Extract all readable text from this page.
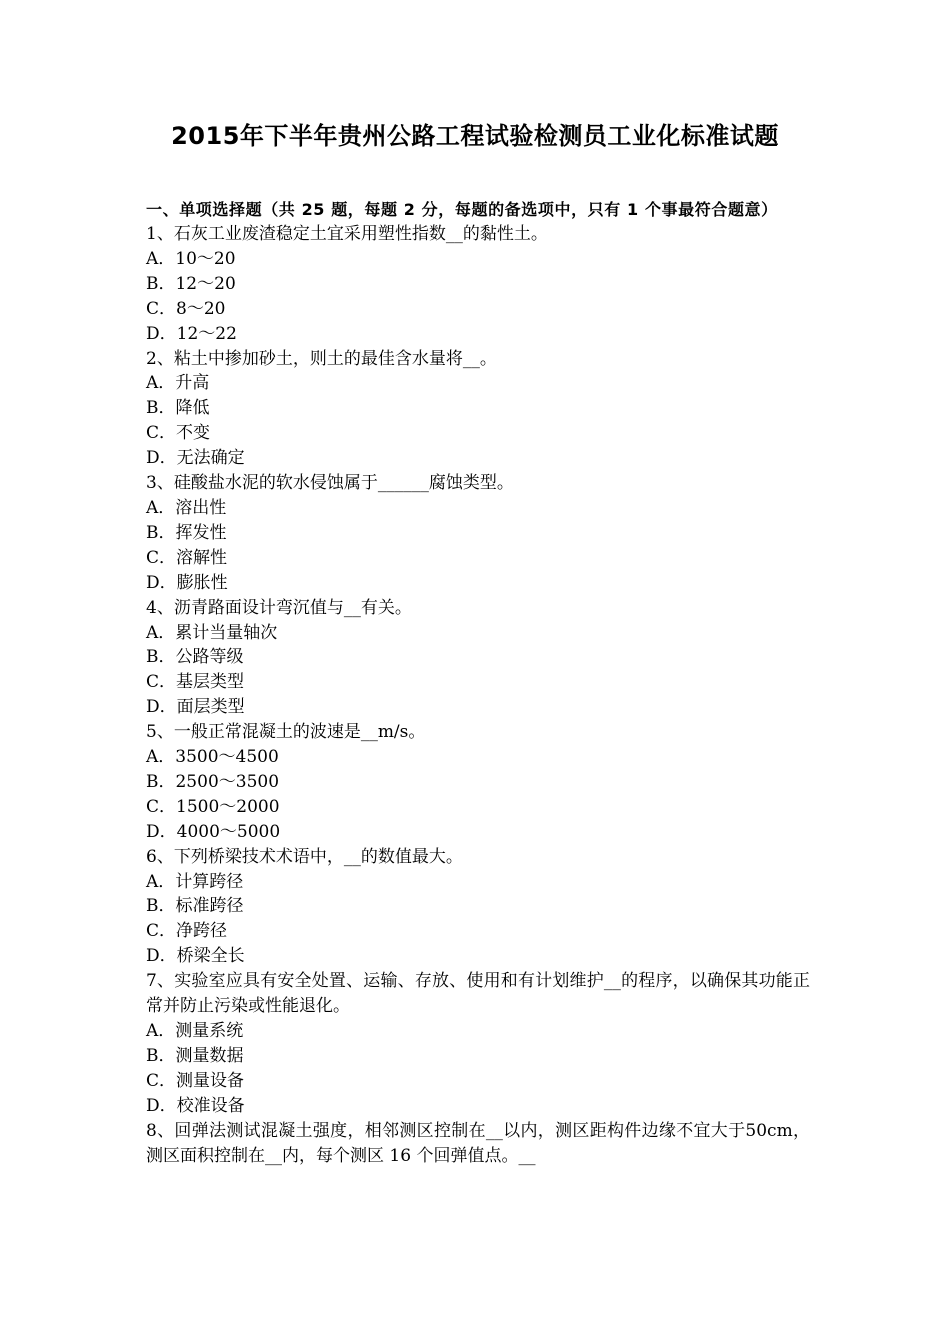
2015年下半年贵州公路工程试验检测员工业化标准试题
一、单项选择题（共 25 题，每题 2 分，每题的备选项中，只有 1 个事最符合题意）
1、石灰工业废渣稳定土宜采用塑性指数__的黏性土。
A．10～20
B．12～20
C．8～20
D．12～22
2、粘土中掺加砂土，则土的最佳含水量将__。
A．升高
B．降低
C．不变
D．无法确定
3、硅酸盐水泥的软水侵蚀属于______腐蚀类型。
A．溶出性
B．挥发性
C．溶解性
D．膨胀性
4、沥青路面设计弯沉值与__有关。
A．累计当量轴次
B．公路等级
C．基层类型
D．面层类型
5、一般正常混凝土的波速是__m/s。
A．3500～4500
B．2500～3500
C．1500～2000
D．4000～5000
6、下列桥梁技术术语中，__的数值最大。
A．计算跨径
B．标准跨径
C．净跨径
D．桥梁全长
7、实验室应具有安全处置、运输、存放、使用和有计划维护__的程序，以确保其功能正常并防止污染或性能退化。
A．测量系统
B．测量数据
C．测量设备
D．校准设备
8、回弹法测试混凝土强度，相邻测区控制在__以内，测区距构件边缘不宜大于50cm，测区面积控制在__内，每个测区 16 个回弹值点。__
